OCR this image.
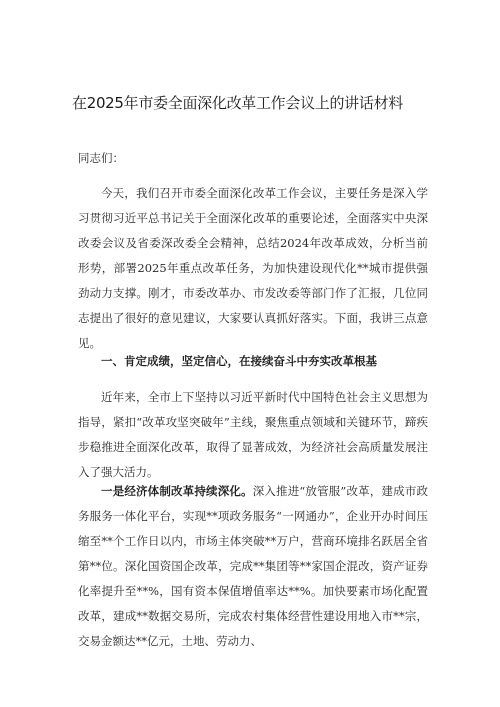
在2025年市委全面深化改革工作会议上的讲话材料

同志们：

今天，我们召开市委全面深化改革工作会议，主要任务是深入学习贯彻习近平总书记关于全面深化改革的重要论述，全面落实中央深改委会议及省委深改委全会精神，总结2024年改革成效，分析当前形势，部署2025年重点改革任务，为加快建设现代化**城市提供强劲动力支撑。刚才，市委改革办、市发改委等部门作了汇报，几位同志提出了很好的意见建议，大家要认真抓好落实。下面，我讲三点意见。

一、肯定成绩，坚定信心，在接续奋斗中夯实改革根基

近年来，全市上下坚持以习近平新时代中国特色社会主义思想为指导，紧扣“改革攻坚突破年”主线，聚焦重点领域和关键环节，蹄疾步稳推进全面深化改革，取得了显著成效，为经济社会高质量发展注入了强大活力。

一是经济体制改革持续深化。深入推进“放管服”改革，建成市政务服务一体化平台，实现**项政务服务“一网通办”，企业开办时间压缩至**个工作日以内，市场主体突破**万户，营商环境排名跃居全省第**位。深化国资国企改革，完成**集团等**家国企混改，资产证券化率提升至**%，国有资本保值增值率达**%。加快要素市场化配置改革，建成**数据交易所，完成农村集体经营性建设用地入市**宗，交易金额达**亿元，土地、劳动力、
